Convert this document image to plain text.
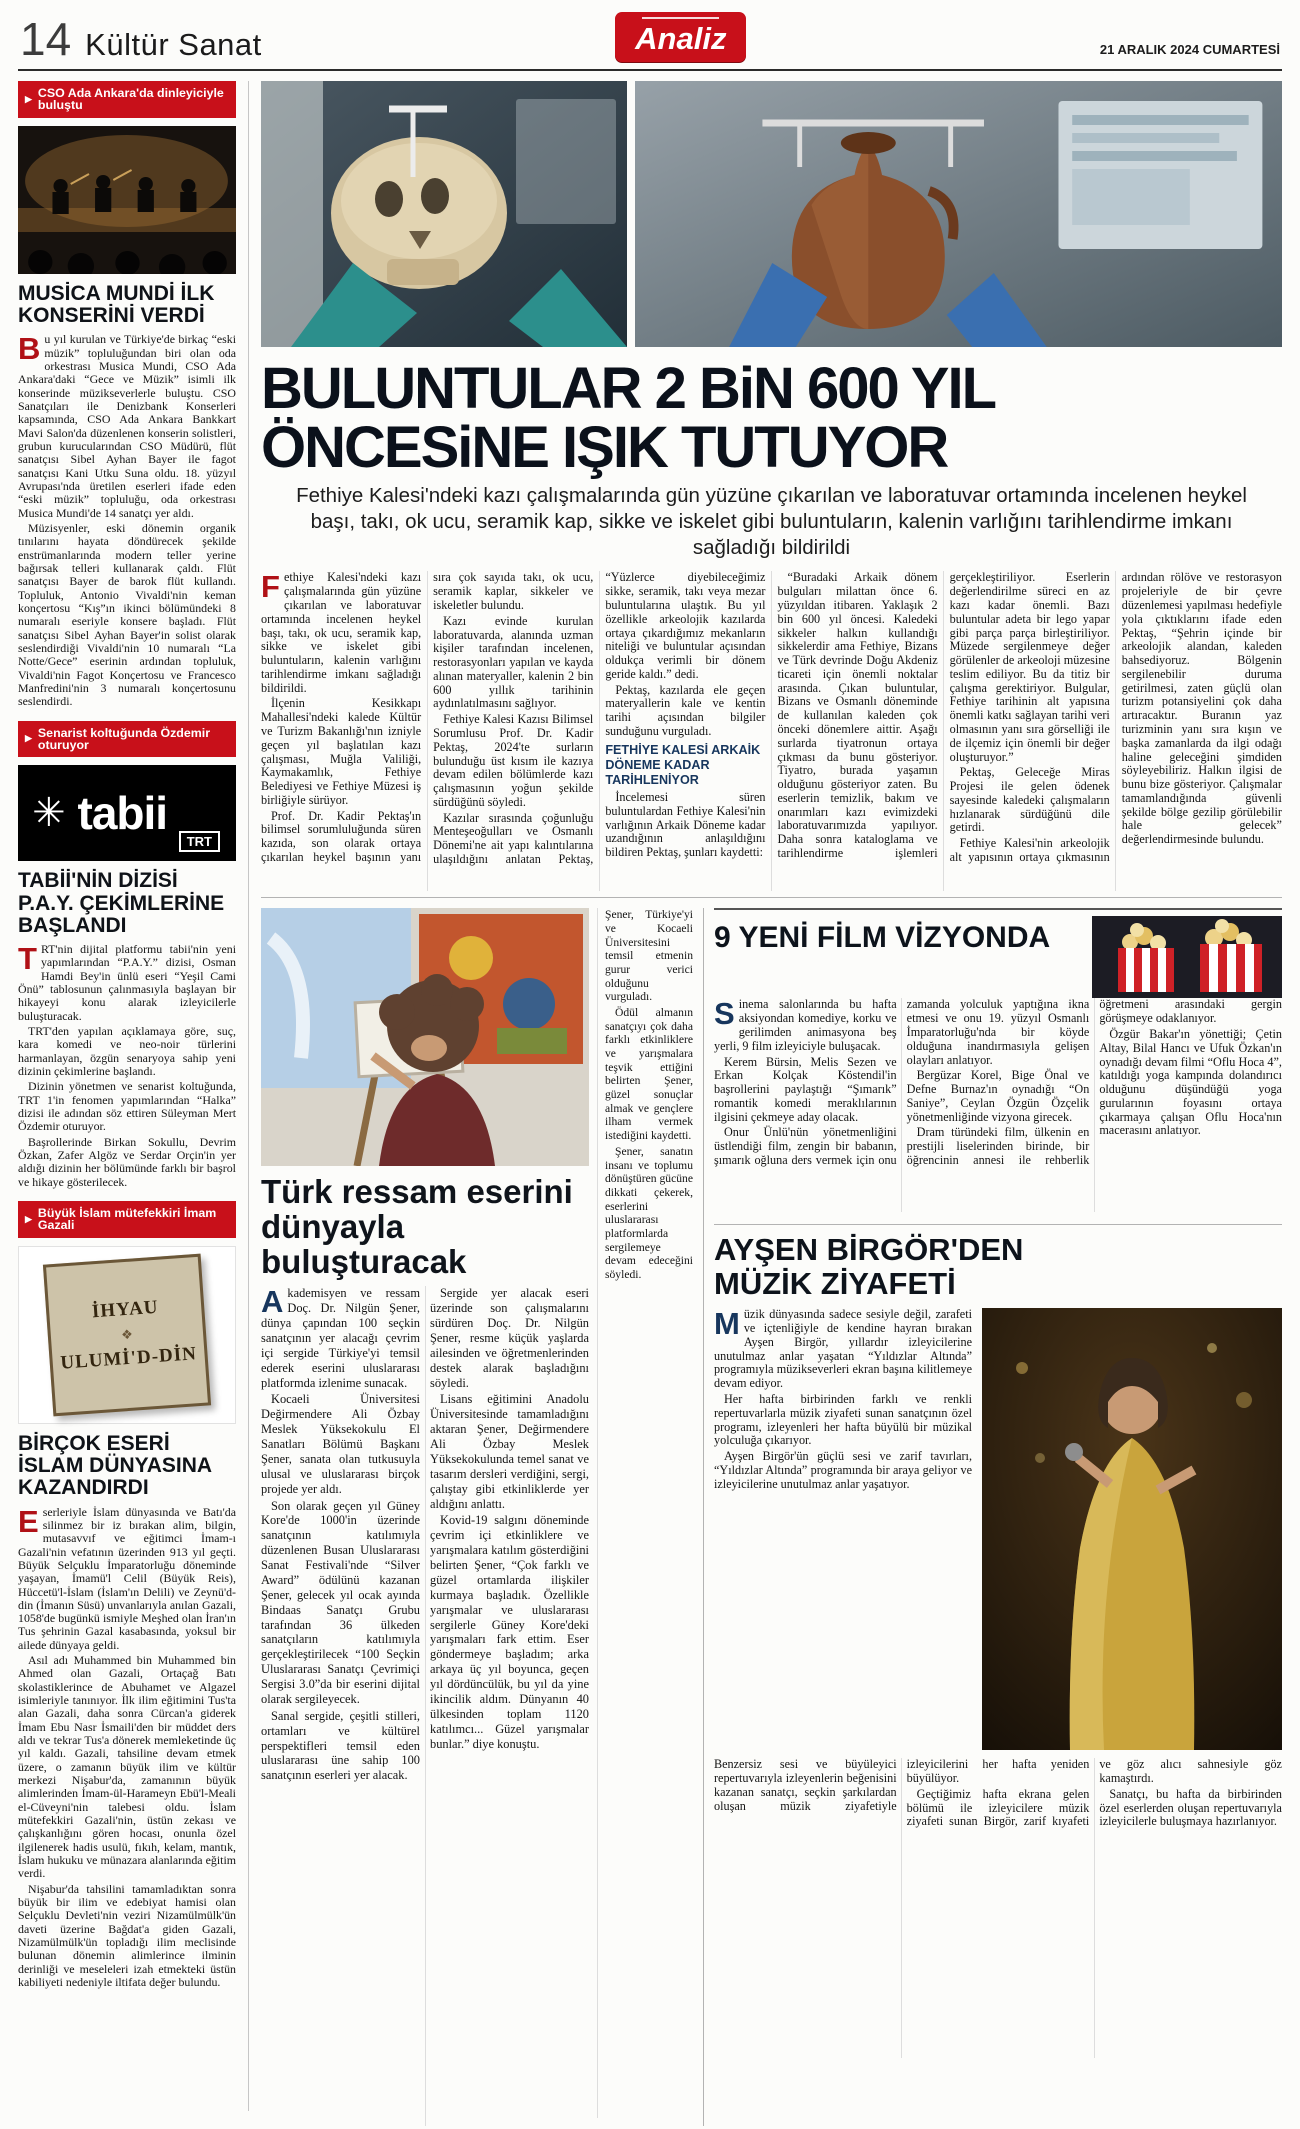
14 Kültür Sanat	Analiz	21 ARALIK 2024 CUMARTESİ
▶ CSO Ada Ankara'da dinleyiciyle buluştu
MUSİCA MUNDİ İLK KONSERİNİ VERDİ

Bu yıl kurulan ve Türkiye'de birkaç “eski müzik” topluluğundan biri olan oda orkestrası Musica Mundi, CSO Ada Ankara'daki “Gece ve Müzik” isimli ilk konserinde müzikseverlerle buluştu. CSO Sanatçıları ile Denizbank Konserleri kapsamında, CSO Ada Ankara Bankkart Mavi Salon'da düzenlenen konserin solistleri, grubun kurucularından CSO Müdürü, flüt sanatçısı Sibel Ayhan Bayer ile fagot sanatçısı Kani Utku Suna oldu. 18. yüzyıl Avrupası'nda üretilen eserleri ifade eden “eski müzik” topluluğu, oda orkestrası Musica Mundi'de 14 sanatçı yer aldı.

Müzisyenler, eski dönemin organik tınılarını hayata döndürecek şekilde enstrümanlarında modern teller yerine bağırsak telleri kullanarak çaldı. Flüt sanatçısı Bayer de barok flüt kullandı. Topluluk, Antonio Vivaldi'nin keman konçertosu “Kış”ın ikinci bölümündeki 8 numaralı eseriyle konsere başladı. Flüt sanatçısı Sibel Ayhan Bayer'in solist olarak seslendirdiği Vivaldi'nin 10 numaralı “La Notte/Gece” eserinin ardından topluluk, Vivaldi'nin Fagot Konçertosu ve Francesco Manfredini'nin 3 numaralı konçertosunu seslendirdi.

▶ Senarist koltuğunda Özdemir oturuyor
✳ tabii
TRT
TABİİ'NİN DİZİSİ P.A.Y. ÇEKİMLERİNE BAŞLANDI

TRT'nin dijital platformu tabii'nin yeni yapımlarından “P.A.Y.” dizisi, Osman Hamdi Bey'in ünlü eseri “Yeşil Cami Önü” tablosunun çalınmasıyla başlayan bir hikayeyi konu alarak izleyicilerle buluşturacak.

TRT'den yapılan açıklamaya göre, suç, kara komedi ve neo-noir türlerini harmanlayan, özgün senaryoya sahip yeni dizinin çekimlerine başlandı.

Dizinin yönetmen ve senarist koltuğunda, TRT 1'in fenomen yapımlarından “Halka” dizisi ile adından söz ettiren Süleyman Mert Özdemir oturuyor.

Başrollerinde Birkan Sokullu, Devrim Özkan, Zafer Algöz ve Serdar Orçin'in yer aldığı dizinin her bölümünde farklı bir başrol ve hikaye gösterilecek.

▶ Büyük İslam mütefekkiri İmam Gazali
İHYAU
❖
ULUMİ'D-DİN
BİRÇOK ESERİ İSLAM DÜNYASINA KAZANDIRDI

Eserleriyle İslam dünyasında ve Batı'da silinmez bir iz bırakan alim, bilgin, mutasavvıf ve eğitimci İmam-ı Gazali'nin vefatının üzerinden 913 yıl geçti. Büyük Selçuklu İmparatorluğu döneminde yaşayan, İmamü'l Celil (Büyük Reis), Hüccetü'l-İslam (İslam'ın Delili) ve Zeynü'd-din (İmanın Süsü) unvanlarıyla anılan Gazali, 1058'de bugünkü ismiyle Meşhed olan İran'ın Tus şehrinin Gazal kasabasında, yoksul bir ailede dünyaya geldi.

Asıl adı Muhammed bin Muhammed bin Ahmed olan Gazali, Ortaçağ Batı skolastiklerince de Abuhamet ve Algazel isimleriyle tanınıyor. İlk ilim eğitimini Tus'ta alan Gazali, daha sonra Cürcan'a giderek İmam Ebu Nasr İsmaili'den bir müddet ders aldı ve tekrar Tus'a dönerek memleketinde üç yıl kaldı. Gazali, tahsiline devam etmek üzere, o zamanın büyük ilim ve kültür merkezi Nişabur'da, zamanının büyük alimlerinden İmam-ül-Harameyn Ebü'l-Meali el-Cüveyni'nin talebesi oldu. İslam mütefekkiri Gazali'nin, üstün zekası ve çalışkanlığını gören hocası, onunla özel ilgilenerek hadis usulü, fıkıh, kelam, mantık, İslam hukuku ve münazara alanlarında eğitim verdi.

Nişabur'da tahsilini tamamladıktan sonra büyük bir ilim ve edebiyat hamisi olan Selçuklu Devleti'nin veziri Nizamülmülk'ün daveti üzerine Bağdat'a giden Gazali, Nizamülmülk'ün topladığı ilim meclisinde bulunan dönemin alimlerince ilminin derinliği ve meseleleri izah etmekteki üstün kabiliyeti nedeniyle iltifata değer bulundu.

BULUNTULAR 2 BiN 600 YIL
ÖNCESiNE IŞIK TUTUYOR
Fethiye Kalesi'ndeki kazı çalışmalarında gün yüzüne çıkarılan ve laboratuvar ortamında incelenen heykel başı, takı, ok ucu, seramik kap, sikke ve iskelet gibi buluntuların, kalenin varlığını tarihlendirme imkanı sağladığı bildirildi

Fethiye Kalesi'ndeki kazı çalışmalarında gün yüzüne çıkarılan ve laboratuvar ortamında incelenen heykel başı, takı, ok ucu, seramik kap, sikke ve iskelet gibi buluntuların, kalenin varlığını tarihlendirme imkanı sağladığı bildirildi.

İlçenin Kesikkapı Mahallesi'ndeki kalede Kültür ve Turizm Bakanlığı'nın izniyle geçen yıl başlatılan kazı çalışması, Muğla Valiliği, Kaymakamlık, Fethiye Belediyesi ve Fethiye Müzesi iş birliğiyle sürüyor.

Prof. Dr. Kadir Pektaş'ın bilimsel sorumluluğunda süren kazıda, son olarak ortaya çıkarılan heykel başının yanı sıra çok sayıda takı, ok ucu, seramik kaplar, sikkeler ve iskeletler bulundu.

Kazı evinde kurulan laboratuvarda, alanında uzman kişiler tarafından incelenen, restorasyonları yapılan ve kayda alınan materyaller, kalenin 2 bin 600 yıllık tarihinin aydınlatılmasını sağlıyor.

Fethiye Kalesi Kazısı Bilimsel Sorumlusu Prof. Dr. Kadir Pektaş, 2024'te surların bulunduğu üst kısım ile kazıya devam edilen bölümlerde kazı çalışmasının yoğun şekilde sürdüğünü söyledi.

Kazılar sırasında çoğunluğu Menteşeoğulları ve Osmanlı Dönemi'ne ait yapı kalıntılarına ulaşıldığını anlatan Pektaş, “Yüzlerce diyebileceğimiz sikke, seramik, takı veya mezar buluntularına ulaştık. Bu yıl özellikle arkeolojik kazılarda ortaya çıkardığımız mekanların niteliği ve buluntular açısından oldukça verimli bir dönem geride kaldı.” dedi.

Pektaş, kazılarda ele geçen materyallerin kale ve kentin tarihi açısından bilgiler sunduğunu vurguladı.

FETHİYE KALESİ ARKAİK DÖNEME KADAR TARİHLENİYOR

İncelemesi süren buluntulardan Fethiye Kalesi'nin varlığının Arkaik Döneme kadar uzandığının anlaşıldığını bildiren Pektaş, şunları kaydetti:

“Buradaki Arkaik dönem bulguları milattan önce 6. yüzyıldan itibaren. Yaklaşık 2 bin 600 yıl öncesi. Kaledeki sikkeler halkın kullandığı sikkelerdir ama Fethiye, Bizans ve Türk devrinde Doğu Akdeniz ticareti için önemli noktalar arasında. Çıkan buluntular, Bizans ve Osmanlı döneminde de kullanılan kaleden çok önceki dönemlere aittir. Aşağı surlarda tiyatronun ortaya çıkması da bunu gösteriyor. Tiyatro, burada yaşamın olduğunu gösteriyor zaten. Bu eserlerin temizlik, bakım ve onarımları kazı evimizdeki laboratuvarımızda yapılıyor. Daha sonra kataloglama ve tarihlendirme işlemleri gerçekleştiriliyor. Eserlerin değerlendirilme süreci en az kazı kadar önemli. Bazı buluntular adeta bir lego yapar gibi parça parça birleştiriliyor. Müzede sergilenmeye değer görülenler de arkeoloji müzesine teslim ediliyor. Bu da titiz bir çalışma gerektiriyor. Bulgular, Fethiye tarihinin alt yapısına önemli katkı sağlayan tarihi veri olmasının yanı sıra görselliği ile de ilçemiz için önemli bir değer oluşturuyor.”

Pektaş, Geleceğe Miras Projesi ile gelen ödenek sayesinde kaledeki çalışmaların hızlanarak sürdüğünü dile getirdi.

Fethiye Kalesi'nin arkeolojik alt yapısının ortaya çıkmasının ardından rölöve ve restorasyon projeleriyle de bir çevre düzenlemesi yapılması hedefiyle yola çıktıklarını ifade eden Pektaş, “Şehrin içinde bir arkeolojik alandan, kaleden bahsediyoruz. Bölgenin sergilenebilir duruma getirilmesi, zaten güçlü olan turizm potansiyelini çok daha artıracaktır. Buranın yaz turizminin yanı sıra kışın ve başka zamanlarda da ilgi odağı haline geleceğini şimdiden söyleyebiliriz. Halkın ilgisi de bunu bize gösteriyor. Çalışmalar tamamlandığında güvenli şekilde bölge gezilip görülebilir hale gelecek” değerlendirmesinde bulundu.

Türk ressam eserini dünyayla buluşturacak

Akademisyen ve ressam Doç. Dr. Nilgün Şener, dünya çapından 100 seçkin sanatçının yer alacağı çevrim içi sergide Türkiye'yi temsil ederek eserini uluslararası platformda izlenime sunacak.

Kocaeli Üniversitesi Değirmendere Ali Özbay Meslek Yüksekokulu El Sanatları Bölümü Başkanı Şener, sanata olan tutkusuyla ulusal ve uluslararası birçok projede yer aldı.

Son olarak geçen yıl Güney Kore'de 1000'in üzerinde sanatçının katılımıyla düzenlenen Busan Uluslararası Sanat Festivali'nde “Silver Award” ödülünü kazanan Şener, gelecek yıl ocak ayında Bindaas Sanatçı Grubu tarafından 36 ülkeden sanatçıların katılımıyla gerçekleştirilecek “100 Seçkin Uluslararası Sanatçı Çevrimiçi Sergisi 3.0”da bir eserini dijital olarak sergileyecek.

Sanal sergide, çeşitli stilleri, ortamları ve kültürel perspektifleri temsil eden uluslararası üne sahip 100 sanatçının eserleri yer alacak.

Sergide yer alacak eseri üzerinde son çalışmalarını sürdüren Doç. Dr. Nilgün Şener, resme küçük yaşlarda ailesinden ve öğretmenlerinden destek alarak başladığını söyledi.

Lisans eğitimini Anadolu Üniversitesinde tamamladığını aktaran Şener, Değirmendere Ali Özbay Meslek Yüksekokulunda temel sanat ve tasarım dersleri verdiğini, sergi, çalıştay gibi etkinliklerde yer aldığını anlattı.

Kovid-19 salgını döneminde çevrim içi etkinliklere ve yarışmalara katılım gösterdiğini belirten Şener, “Çok farklı ve güzel ortamlarda ilişkiler kurmaya başladık. Özellikle yarışmalar ve uluslararası sergilerle Güney Kore'deki yarışmaları fark ettim. Eser göndermeye başladım; arka arkaya üç yıl boyunca, geçen yıl dördüncülük, bu yıl da yine ikincilik aldım. Dünyanın 40 ülkesinden toplam 1120 katılımcı... Güzel yarışmalar bunlar.” diye konuştu.

Şener, Türkiye'yi ve Kocaeli Üniversitesini temsil etmenin gurur verici olduğunu vurguladı.

Ödül almanın sanatçıyı çok daha farklı etkinliklere ve yarışmalara teşvik ettiğini belirten Şener, güzel sonuçlar almak ve gençlere ilham vermek istediğini kaydetti.

Şener, sanatın insanı ve toplumu dönüştüren gücüne dikkati çekerek, eserlerini uluslararası platformlarda sergilemeye devam edeceğini söyledi.

9 YENİ FİLM VİZYONDA

Sinema salonlarında bu hafta aksiyondan komediye, korku ve gerilimden animasyona beş yerli, 9 film izleyiciyle buluşacak.

Kerem Bürsin, Melis Sezen ve Erkan Kolçak Köstendil'in başrollerini paylaştığı “Şımarık” romantik komedi meraklılarının ilgisini çekmeye aday olacak.

Onur Ünlü'nün yönetmenliğini üstlendiği film, zengin bir babanın, şımarık oğluna ders vermek için onu zamanda yolculuk yaptığına ikna etmesi ve onu 19. yüzyıl Osmanlı İmparatorluğu'nda bir köyde olduğuna inandırmasıyla gelişen olayları anlatıyor.

Bergüzar Korel, Bige Önal ve Defne Burnaz'ın oynadığı “On Saniye”, Ceylan Özgün Özçelik yönetmenliğinde vizyona girecek.

Dram türündeki film, ülkenin en prestijli liselerinden birinde, bir öğrencinin annesi ile rehberlik öğretmeni arasındaki gergin görüşmeye odaklanıyor.

Özgür Bakar'ın yönettiği; Çetin Altay, Bilal Hancı ve Ufuk Özkan'ın oynadığı devam filmi “Oflu Hoca 4”, katıldığı yoga kampında dolandırıcı olduğunu düşündüğü yoga gurularının foyasını ortaya çıkarmaya çalışan Oflu Hoca'nın macerasını anlatıyor.

AYŞEN BİRGÖR'DEN
MÜZİK ZİYAFETİ

Müzik dünyasında sadece sesiyle değil, zarafeti ve içtenliğiyle de kendine hayran bırakan Ayşen Birgör, yıllardır izleyicilerine unutulmaz anlar yaşatan “Yıldızlar Altında” programıyla müzikseverleri ekran başına kilitlemeye devam ediyor.

Her hafta birbirinden farklı ve renkli repertuvarlarla müzik ziyafeti sunan sanatçının özel programı, izleyenleri her hafta büyülü bir müzikal yolculuğa çıkarıyor.

Ayşen Birgör'ün güçlü sesi ve zarif tavırları, “Yıldızlar Altında” programında bir araya geliyor ve izleyicilerine unutulmaz anlar yaşatıyor.

Benzersiz sesi ve büyüleyici repertuvarıyla izleyenlerin beğenisini kazanan sanatçı, seçkin şarkılardan oluşan müzik ziyafetiyle izleyicilerini her hafta yeniden büyülüyor.

Geçtiğimiz hafta ekrana gelen bölümü ile izleyicilere müzik ziyafeti sunan Birgör, zarif kıyafeti ve göz alıcı sahnesiyle göz kamaştırdı.

Sanatçı, bu hafta da birbirinden özel eserlerden oluşan repertuvarıyla izleyicilerle buluşmaya hazırlanıyor.
